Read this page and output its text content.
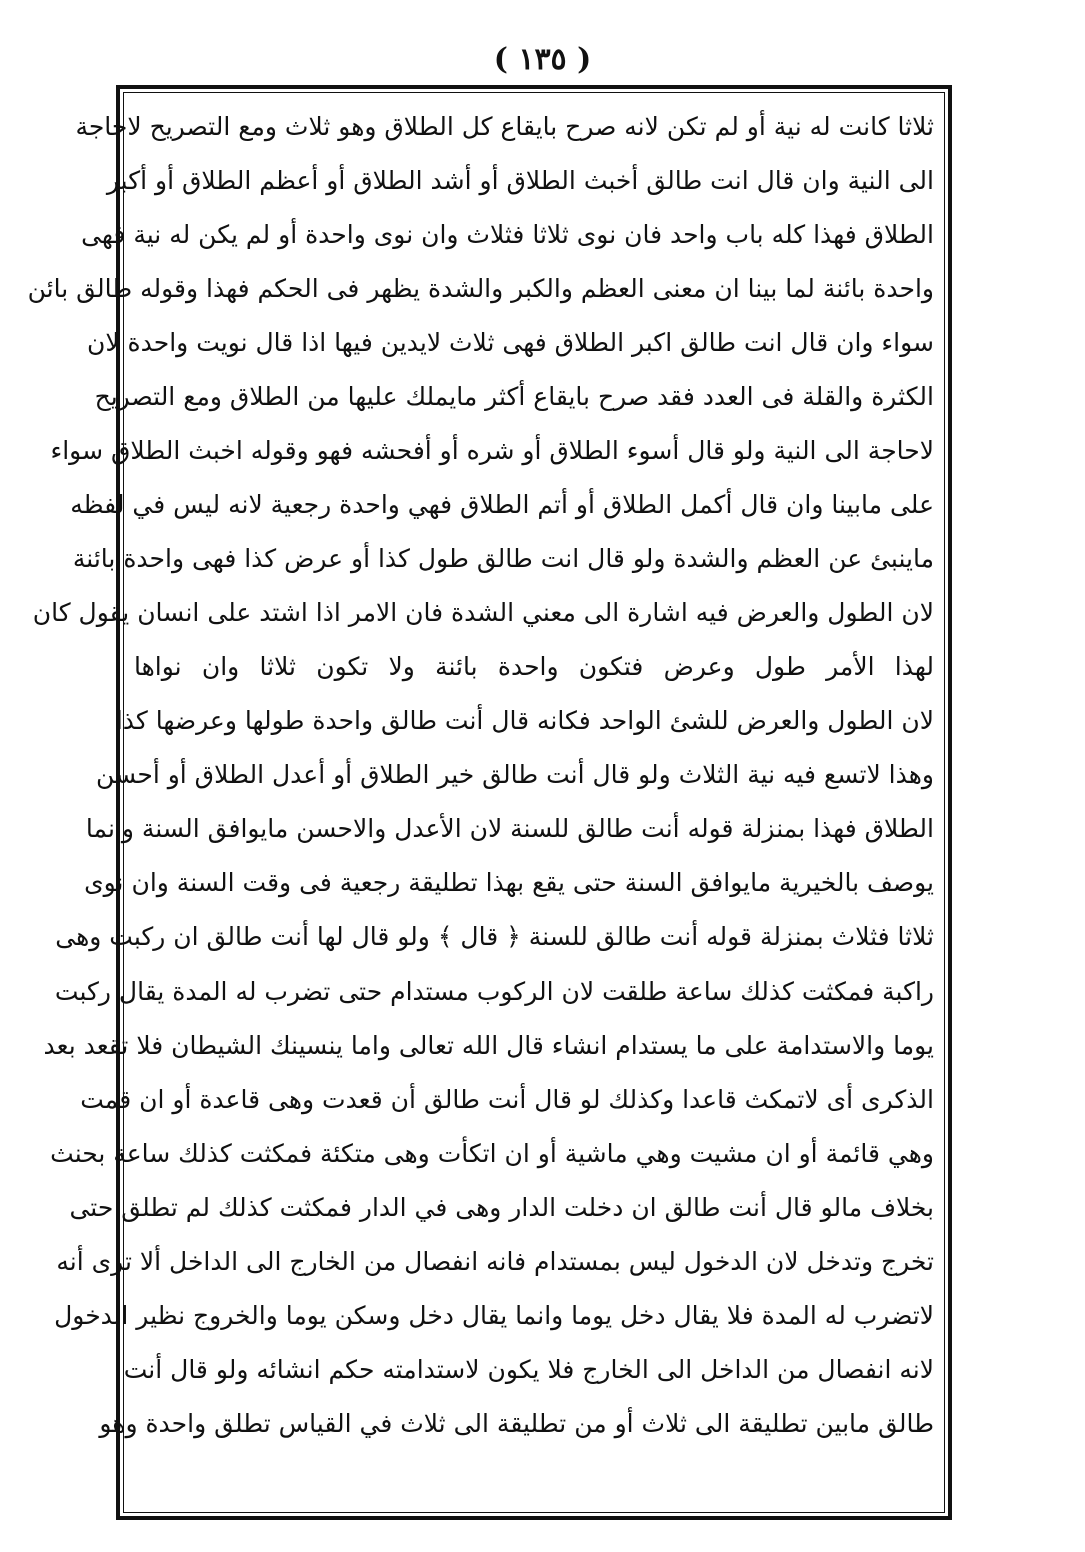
( ١٣٥ )
ثلاثا كانت له نية أو لم تكن لانه صرح بايقاع كل الطلاق وهو ثلاث ومع التصريح لاحاجة
الى النية وان قال انت طالق أخبث الطلاق أو أشد الطلاق أو أعظم الطلاق أو أكبر
الطلاق فهذا كله باب واحد فان نوى ثلاثا فثلاث وان نوى واحدة أو لم يكن له نية فهى
واحدة بائنة لما بينا ان معنى العظم والكبر والشدة يظهر فى الحكم فهذا وقوله طالق بائن
سواء وان قال انت طالق اكبر الطلاق فهى ثلاث لايدين فيها اذا قال نويت واحدة لان
الكثرة والقلة فى العدد فقد صرح بايقاع أكثر مايملك عليها من الطلاق ومع التصريح
لاحاجة الى النية ولو قال أسوء الطلاق أو شره أو أفحشه فهو وقوله اخبث الطلاق سواء
على مابينا وان قال أكمل الطلاق أو أتم الطلاق فهي واحدة رجعية لانه ليس في لفظه
ماينبئ عن العظم والشدة ولو قال انت طالق طول كذا أو عرض كذا فهى واحدة بائنة
لان الطول والعرض فيه اشارة الى معني الشدة فان الامر اذا اشتد على انسان يقول كان
لهذا الأمر طول وعرض فتكون واحدة بائنة ولا تكون ثلاثا وان نواها
لان الطول والعرض للشئ الواحد فكانه قال أنت طالق واحدة طولها وعرضها كذا
وهذا لاتسع فيه نية الثلاث ولو قال أنت طالق خير الطلاق أو أعدل الطلاق أو أحسن
الطلاق فهذا بمنزلة قوله أنت طالق للسنة لان الأعدل والاحسن مايوافق السنة وانما
يوصف بالخيرية مايوافق السنة حتى يقع بهذا تطليقة رجعية فى وقت السنة وان نوى
ثلاثا فثلاث بمنزلة قوله أنت طالق للسنة ﴿ قال ﴾ ولو قال لها أنت طالق ان ركبت وهى
راكبة فمكثت كذلك ساعة طلقت لان الركوب مستدام حتى تضرب له المدة يقال ركبت
يوما والاستدامة على ما يستدام انشاء قال الله تعالى واما ينسينك الشيطان فلا تقعد بعد
الذكرى أى لاتمكث قاعدا وكذلك لو قال أنت طالق أن قعدت وهى قاعدة أو ان قمت
وهي قائمة أو ان مشيت وهي ماشية أو ان اتكأت وهى متكئة فمكثت كذلك ساعة بحنث
بخلاف مالو قال أنت طالق ان دخلت الدار وهى في الدار فمكثت كذلك لم تطلق حتى
تخرج وتدخل لان الدخول ليس بمستدام فانه انفصال من الخارج الى الداخل ألا ترى أنه
لاتضرب له المدة فلا يقال دخل يوما وانما يقال دخل وسكن يوما والخروج نظير الدخول
لانه انفصال من الداخل الى الخارج فلا يكون لاستدامته حكم انشائه ولو قال أنت
طالق مابين تطليقة الى ثلاث أو من تطليقة الى ثلاث في القياس تطلق واحدة وهو
